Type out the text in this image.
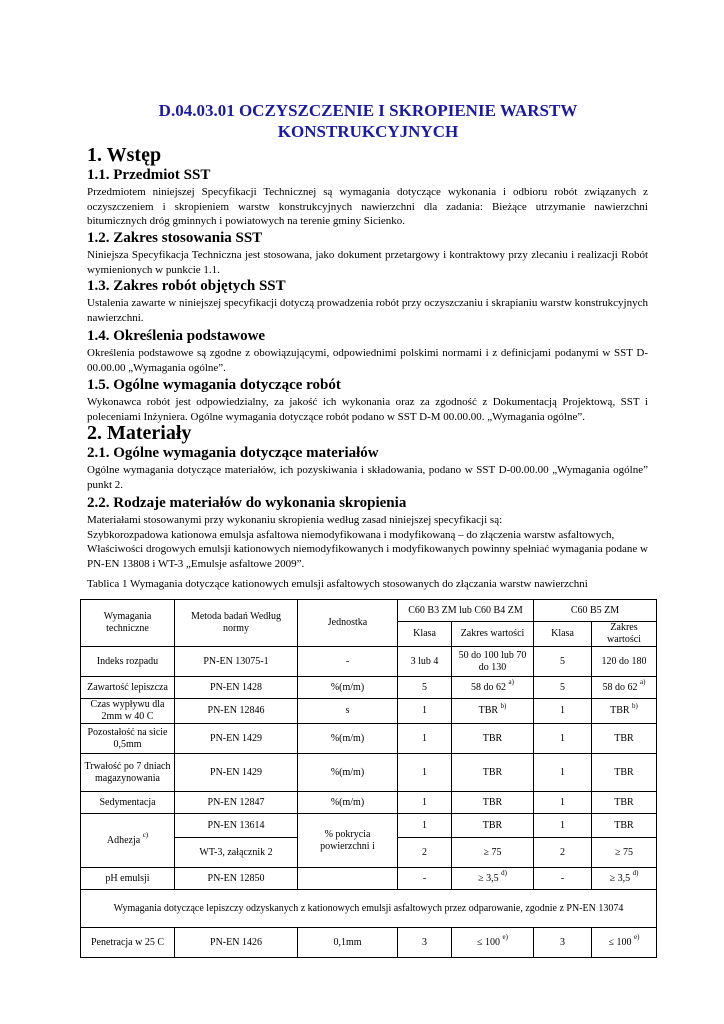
D.04.03.01 OCZYSZCZENIE I SKROPIENIE WARSTW
KONSTRUKCYJNYCH
1. Wstęp
1.1. Przedmiot SST
Przedmiotem niniejszej Specyfikacji Technicznej są wymagania dotyczące wykonania i odbioru robót związanych z oczyszczeniem i skropieniem warstw konstrukcyjnych nawierzchni dla zadania: Bieżące utrzymanie nawierzchni bitumicznych dróg gminnych i powiatowych na terenie gminy Sicienko.
1.2. Zakres stosowania SST
Niniejsza Specyfikacja Techniczna jest stosowana, jako dokument przetargowy i kontraktowy przy zlecaniu i realizacji Robót wymienionych w punkcie 1.1.
1.3. Zakres robót objętych SST
Ustalenia zawarte w niniejszej specyfikacji dotyczą prowadzenia robót przy oczyszczaniu i skrapianiu warstw konstrukcyjnych nawierzchni.
1.4. Określenia podstawowe
Określenia podstawowe są zgodne z obowiązującymi, odpowiednimi polskimi normami i z definicjami podanymi w SST D-00.00.00 „Wymagania ogólne”.
1.5. Ogólne wymagania dotyczące robót
Wykonawca robót jest odpowiedzialny, za jakość ich wykonania oraz za zgodność z Dokumentacją Projektową, SST i poleceniami Inżyniera. Ogólne wymagania dotyczące robót podano w SST D-M 00.00.00. „Wymagania ogólne”.
2. Materiały
2.1. Ogólne wymagania dotyczące materiałów
Ogólne wymagania dotyczące materiałów, ich pozyskiwania i składowania, podano w SST D-00.00.00 „Wymagania ogólne” punkt 2.
2.2. Rodzaje materiałów do wykonania skropienia
Materiałami stosowanymi przy wykonaniu skropienia według zasad niniejszej specyfikacji są:
Szybkorozpadowa kationowa emulsja asfaltowa niemodyfikowana i modyfikowaną – do złączenia warstw asfaltowych,
Właściwości drogowych emulsji kationowych niemodyfikowanych i modyfikowanych powinny spełniać wymagania podane w PN-EN 13808 i WT-3 „Emulsje asfaltowe 2009”.
Tablica 1 Wymagania dotyczące kationowych emulsji asfaltowych stosowanych do złączania warstw nawierzchni
Wymagania techniczne	Metoda badań Według normy	Jednostka	C60 B3 ZM lub C60 B4 ZM		C60 B5 ZM	
			Klasa	Zakres wartości	Klasa	Zakres wartości
Indeks rozpadu	PN-EN 13075-1	-	3 lub 4	50 do 100 lub 70 do 130	5	120 do 180
Zawartość lepiszcza	PN-EN 1428	%(m/m)	5	58 do 62 $^{a)}$	5	58 do 62 $^{a)}$
Czas wypływu dla 2mm w 40 C	PN-EN 12846	s	1	TBR $^{b)}$	1	TBR $^{b)}$
Pozostałość na sicie 0,5mm	PN-EN 1429	%(m/m)	1	TBR	1	TBR
Trwałość po 7 dniach magazynowania	PN-EN 1429	%(m/m)	1	TBR	1	TBR
Sedymentacja	PN-EN 12847	%(m/m)	1	TBR	1	TBR
Adhezja $^{c)}$	PN-EN 13614	% pokrycia powierzchni i	1	TBR	1	TBR
	WT-3, załącznik 2		2	≥ 75	2	≥ 75
pH emulsji	PN-EN 12850		-	≥ 3,5 $^{d)}$	-	≥ 3,5 $^{d)}$
Wymagania dotyczące lepiszczy odzyskanych z kationowych emulsji asfaltowych przez odparowanie, zgodnie z PN-EN 13074						
Penetracja w 25 C	PN-EN 1426	0,1mm	3	≤ 100 $^{e)}$	3	≤ 100 $^{e)}$
